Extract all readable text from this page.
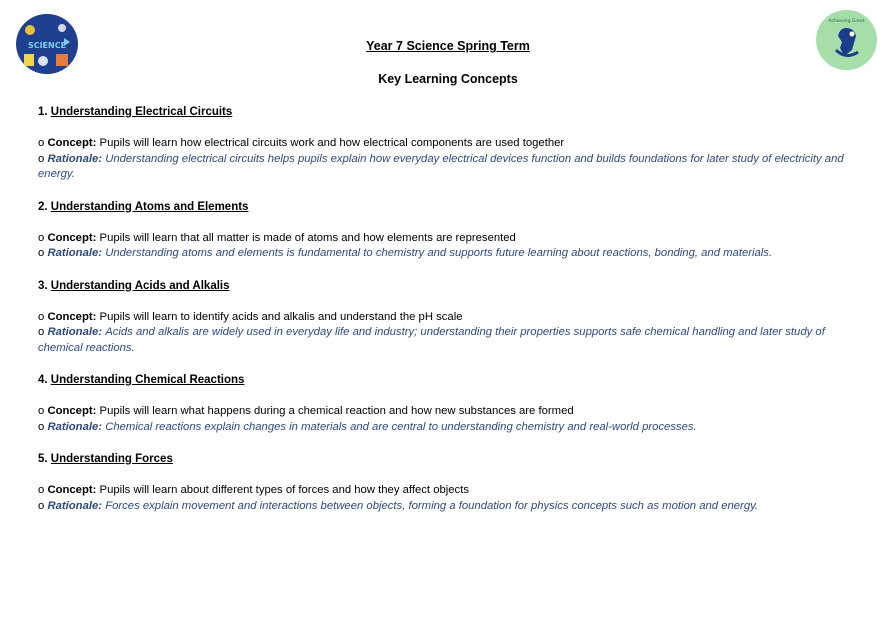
SCIENCE
Achieving Great
Year 7 Science Spring Term
Key Learning Concepts
1. Understanding Electrical Circuits
o Concept: Pupils will learn how electrical circuits work and how electrical components are used together
o Rationale: Understanding electrical circuits helps pupils explain how everyday electrical devices function and builds foundations for later study of electricity and energy.
2. Understanding Atoms and Elements
o Concept: Pupils will learn that all matter is made of atoms and how elements are represented
o Rationale: Understanding atoms and elements is fundamental to chemistry and supports future learning about reactions, bonding, and materials.
3. Understanding Acids and Alkalis
o Concept: Pupils will learn to identify acids and alkalis and understand the pH scale
o Rationale: Acids and alkalis are widely used in everyday life and industry; understanding their properties supports safe chemical handling and later study of chemical reactions.
4. Understanding Chemical Reactions
o Concept: Pupils will learn what happens during a chemical reaction and how new substances are formed
o Rationale: Chemical reactions explain changes in materials and are central to understanding chemistry and real-world processes.
5. Understanding Forces
o Concept: Pupils will learn about different types of forces and how they affect objects
o Rationale: Forces explain movement and interactions between objects, forming a foundation for physics concepts such as motion and energy.
